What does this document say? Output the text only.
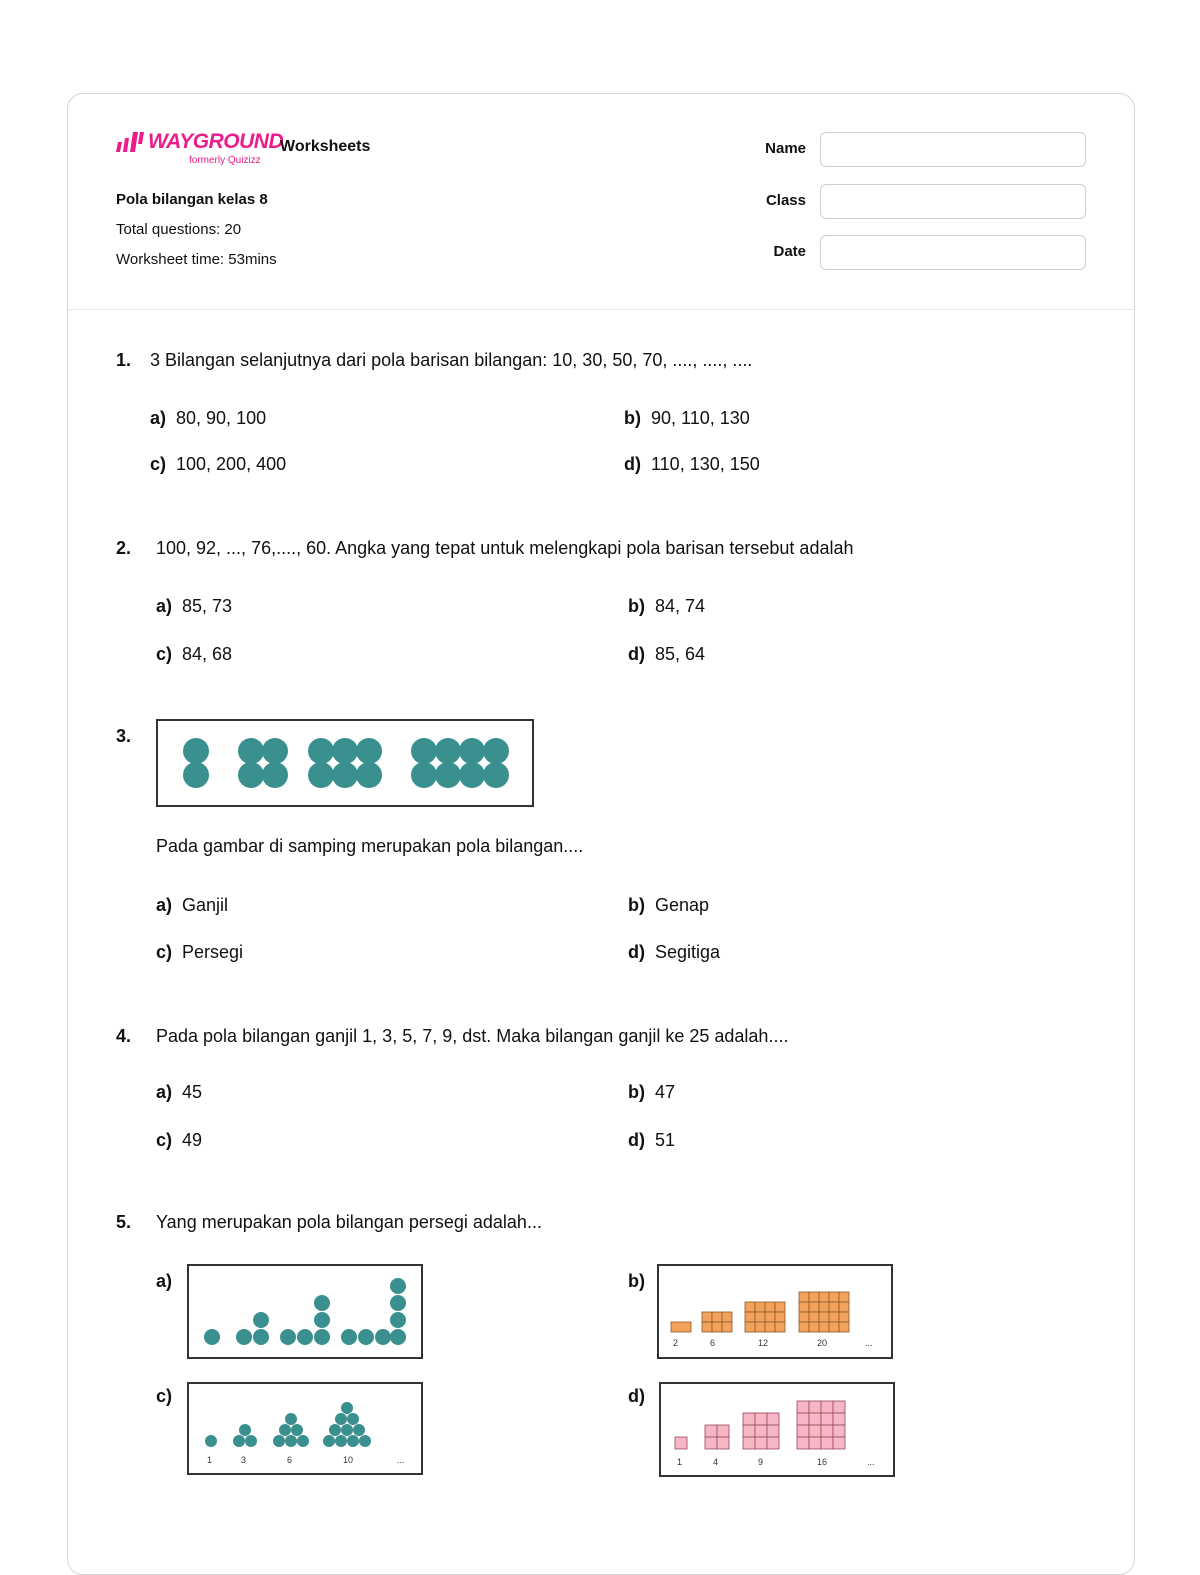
WAYGROUND
formerly Quizizz
Worksheets
Pola bilangan kelas 8
Total questions: 20
Worksheet time: 53mins
Name
Class
Date
1. 3 Bilangan selanjutnya dari pola barisan bilangan: 10, 30, 50, 70, ...., ...., ....
a) 80, 90, 100	b) 90, 110, 130
c) 100, 200, 400	d) 110, 130, 150
2. 100, 92, ..., 76,...., 60. Angka yang tepat untuk melengkapi pola barisan tersebut adalah
a) 85, 73	b) 84, 74
c) 84, 68	d) 85, 64
3.
Pada gambar di samping merupakan pola bilangan....
a) Ganjil	b) Genap
c) Persegi	d) Segitiga
4. Pada pola bilangan ganjil 1, 3, 5, 7, 9, dst. Maka bilangan ganjil ke 25 adalah....
a) 45	b) 47
c) 49	d) 51
5. Yang merupakan pola bilangan persegi adalah...
a)	b)
2	6	12	20	...
c)
1	3	6	10	...
d)
1	4	9	16	...
